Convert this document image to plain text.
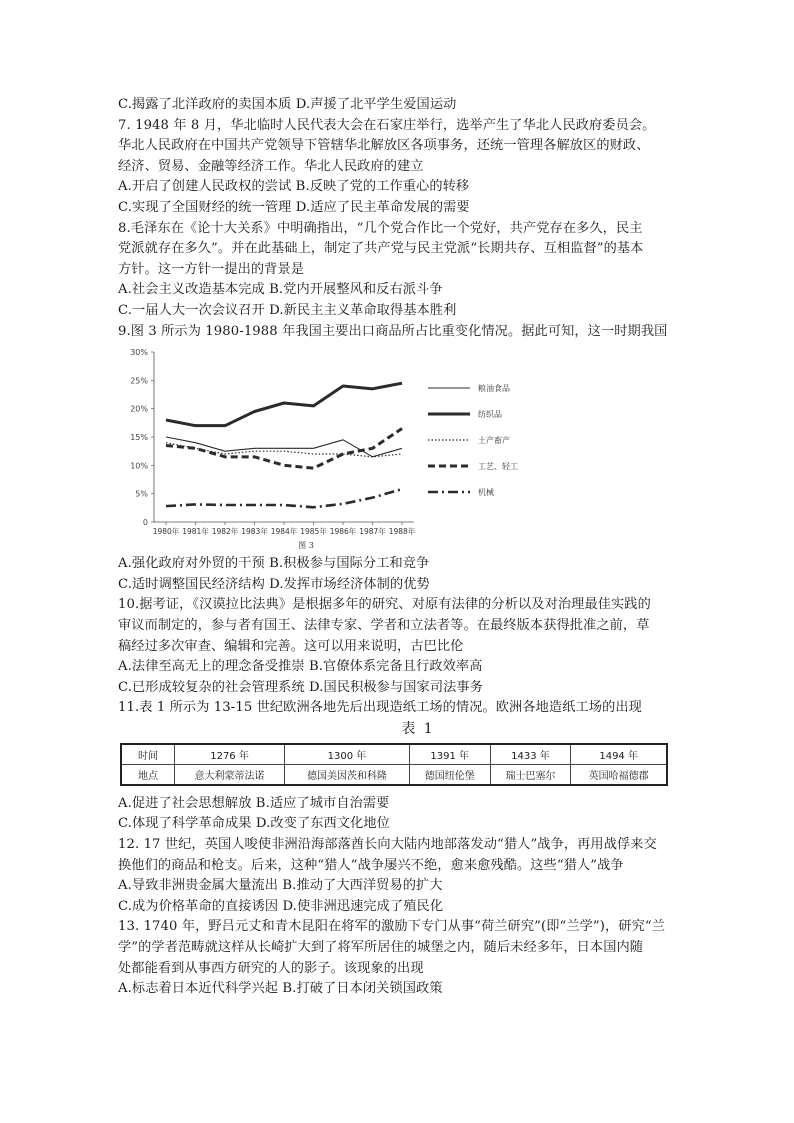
C.揭露了北洋政府的卖国本质 D.声援了北平学生爱国运动
7. 1948 年 8 月，华北临时人民代表大会在石家庄举行，选举产生了华北人民政府委员会。
华北人民政府在中国共产党领导下管辖华北解放区各项事务，还统一管理各解放区的财政、
经济、贸易、金融等经济工作。华北人民政府的建立
A.开启了创建人民政权的尝试 B.反映了党的工作重心的转移
C.实现了全国财经的统一管理 D.适应了民主革命发展的需要
8.毛泽东在《论十大关系》中明确指出，“几个党合作比一个党好，共产党存在多久，民主
党派就存在多久”。并在此基础上，制定了共产党与民主党派“长期共存、互相监督”的基本
方针。这一方针一提出的背景是
A.社会主义改造基本完成 B.党内开展整风和反右派斗争
C.一届人大一次会议召开 D.新民主主义革命取得基本胜利
9.图 3 所示为 1980-1988 年我国主要出口商品所占比重变化情况。据此可知，这一时期我国
0
5%
10%
15%
20%
25%
30%
1980年 1981年 1982年 1983年 1984年 1985年 1986年 1987年 1988年
图 3
粮油食品
纺织品
土产畜产
工艺、轻工
机械
A.强化政府对外贸的干预 B.积极参与国际分工和竞争
C.适时调整国民经济结构 D.发挥市场经济体制的优势
10.据考证，《汉谟拉比法典》是根据多年的研究、对原有法律的分析以及对治理最佳实践的
审议而制定的，参与者有国王、法律专家、学者和立法者等。在最终版本获得批准之前，草
稿经过多次审查、编辑和完善。这可以用来说明，古巴比伦
A.法律至高无上的理念备受推崇 B.官僚体系完备且行政效率高
C.已形成较复杂的社会管理系统 D.国民积极参与国家司法事务
11.表 1 所示为 13-15 世纪欧洲各地先后出现造纸工场的情况。欧洲各地造纸工场的出现
表 1
时间	1276 年	1300 年	1391 年	1433 年	1494 年
地点	意大利蒙蒂法诺	德国美因茨和科隆	德国纽伦堡	瑞士巴塞尔	英国哈福德郡
A.促进了社会思想解放 B.适应了城市自治需要
C.体现了科学革命成果 D.改变了东西文化地位
12. 17 世纪，英国人唆使非洲沿海部落酋长向大陆内地部落发动“猎人”战争，再用战俘来交
换他们的商品和枪支。后来，这种“猎人”战争屡兴不绝，愈来愈残酷。这些“猎人”战争
A.导致非洲贵金属大量流出 B.推动了大西洋贸易的扩大
C.成为价格革命的直接诱因 D.使非洲迅速完成了殖民化
13. 1740 年，野吕元丈和青木昆阳在将军的激励下专门从事“荷兰研究”(即“兰学”)，研究“兰
学”的学者范畴就这样从长崎扩大到了将军所居住的城堡之内，随后未经多年，日本国内随
处都能看到从事西方研究的人的影子。该现象的出现
A.标志着日本近代科学兴起 B.打破了日本闭关锁国政策
